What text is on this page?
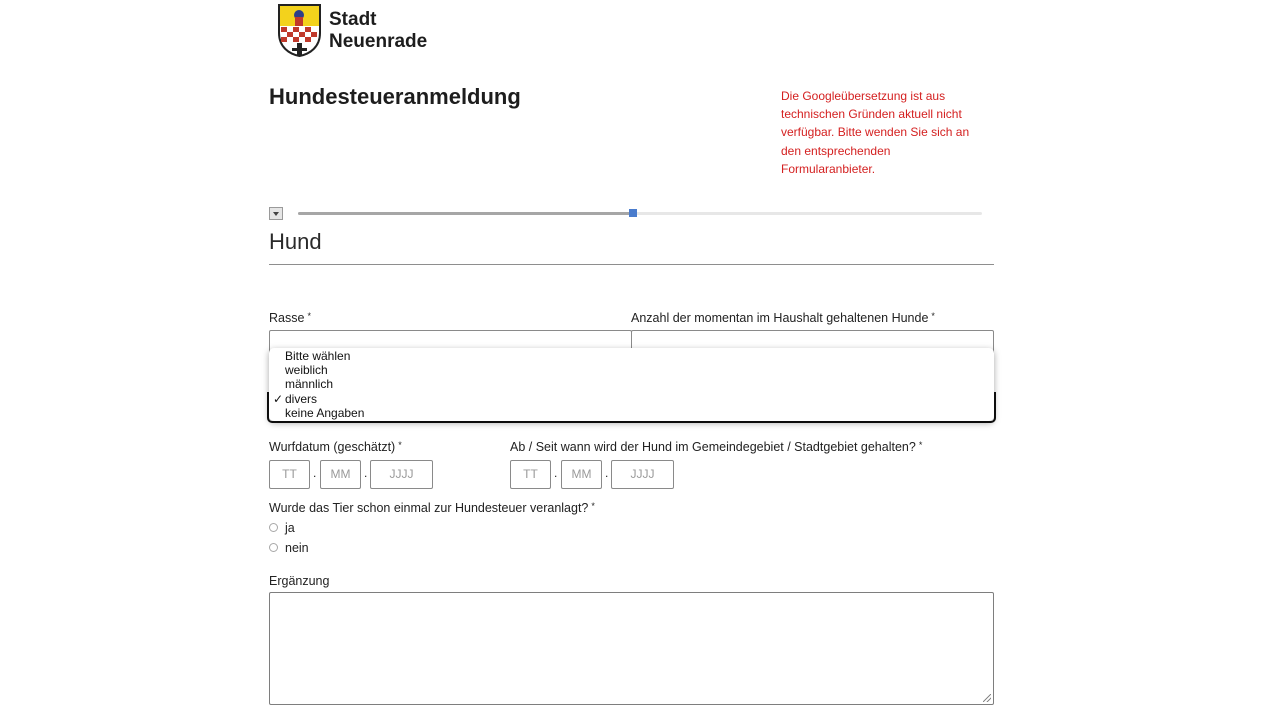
Stadt
Neuenrade
Hundesteueranmeldung	Die Googleübersetzung ist aus technischen Gründen aktuell nicht verfügbar. Bitte wenden Sie sich an den entsprechenden Formularanbieter.
Hund
Rasse *	Anzahl der momentan im Haushalt gehaltenen Hunde *
Bitte wählen
weiblich
männlich
✓ divers
keine Angaben
Wurfdatum (geschätzt) *
TT	.	MM	.	JJJJ
Ab / Seit wann wird der Hund im Gemeindegebiet / Stadtgebiet gehalten? *
TT	.	MM	.	JJJJ
Wurde das Tier schon einmal zur Hundesteuer veranlagt? *
ja
nein
Ergänzung
